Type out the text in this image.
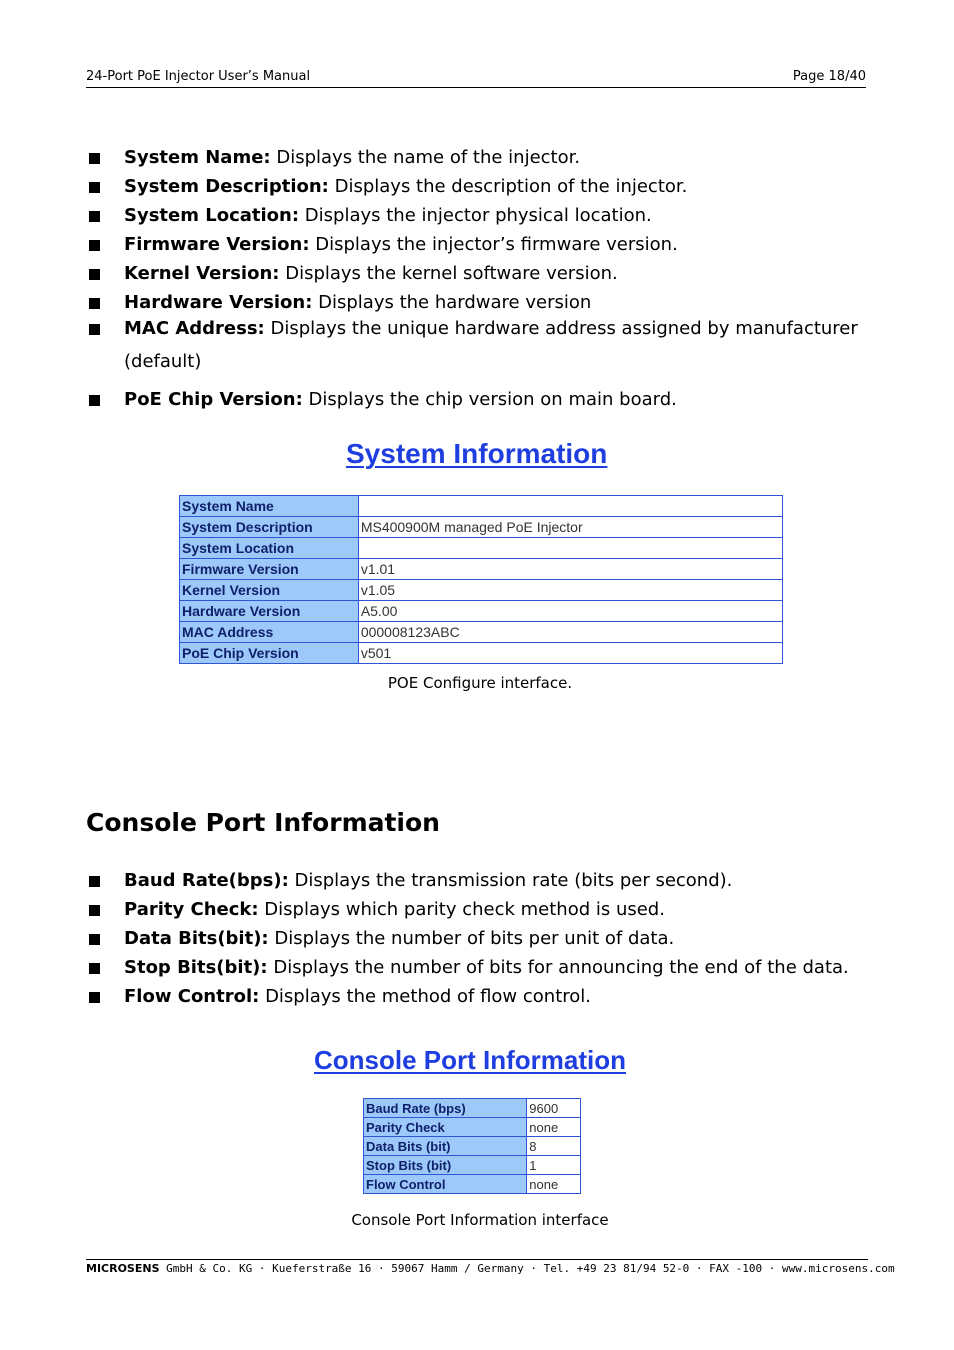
24-Port PoE Injector User’s Manual	Page 18/40
System Name: Displays the name of the injector.
System Description: Displays the description of the injector.
System Location: Displays the injector physical location.
Firmware Version: Displays the injector’s firmware version.
Kernel Version: Displays the kernel software version.
Hardware Version: Displays the hardware version
MAC Address: Displays the unique hardware address assigned by manufacturer
(default)
PoE Chip Version: Displays the chip version on main board.
System Information
System Name	
System Description	MS400900M managed PoE Injector
System Location	
Firmware Version	v1.01
Kernel Version	v1.05
Hardware Version	A5.00
MAC Address	000008123ABC
PoE Chip Version	v501
POE Configure interface.
Console Port Information
Baud Rate(bps): Displays the transmission rate (bits per second).
Parity Check: Displays which parity check method is used.
Data Bits(bit): Displays the number of bits per unit of data.
Stop Bits(bit): Displays the number of bits for announcing the end of the data.
Flow Control: Displays the method of flow control.
Console Port Information
Baud Rate (bps)	9600
Parity Check	none
Data Bits (bit)	8
Stop Bits (bit)	1
Flow Control	none
Console Port Information interface
MICROSENS GmbH & Co. KG · Kueferstraße 16 · 59067 Hamm / Germany · Tel. +49 23 81/94 52-0 · FAX -100 · www.microsens.com
